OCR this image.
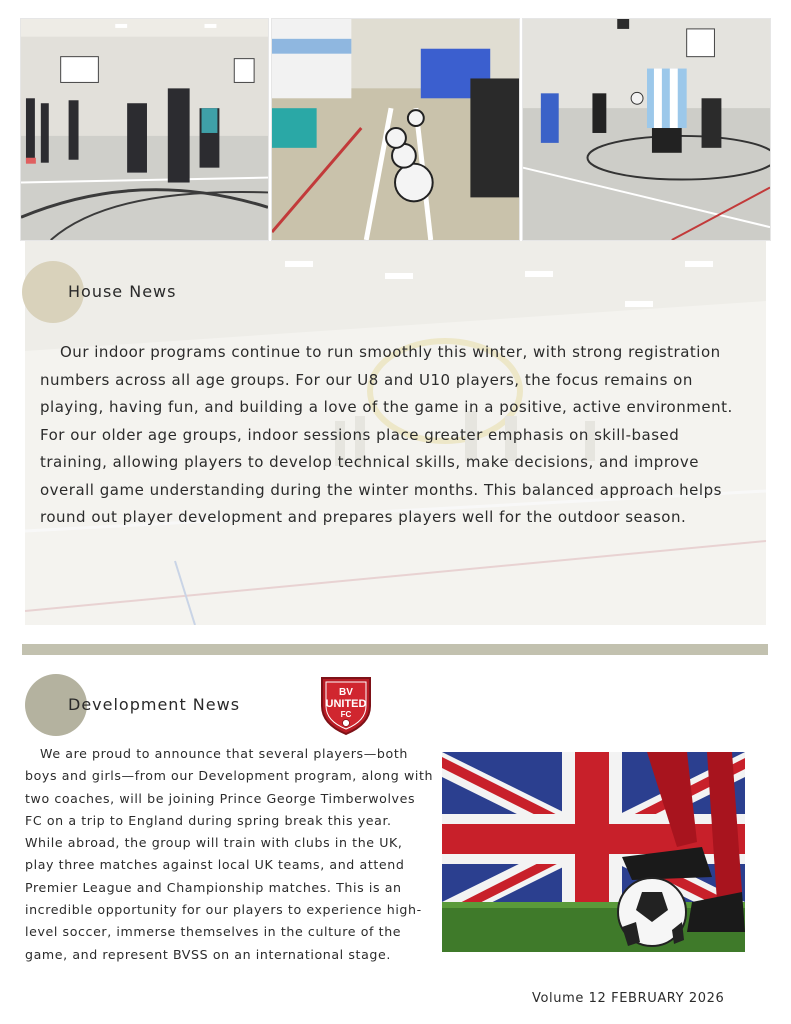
House News

Our indoor programs continue to run smoothly this winter, with strong registration numbers across all age groups. For our U8 and U10 players, the focus remains on playing, having fun, and building a love of the game in a positive, active environment.

For our older age groups, indoor sessions place greater emphasis on skill-based training, allowing players to develop technical skills, make decisions, and improve overall game understanding during the winter months. This balanced approach helps round out player development and prepares players well for the outdoor season.

Development News
BV
UNITED
FC

We are proud to announce that several players—both boys and girls—from our Development program, along with two coaches, will be joining Prince George Timberwolves FC on a trip to England during spring break this year.

While abroad, the group will train with clubs in the UK, play three matches against local UK teams, and attend Premier League and Championship matches. This is an incredible opportunity for our players to experience high-level soccer, immerse themselves in the culture of the game, and represent BVSS on an international stage.

Volume 12 FEBRUARY 2026
